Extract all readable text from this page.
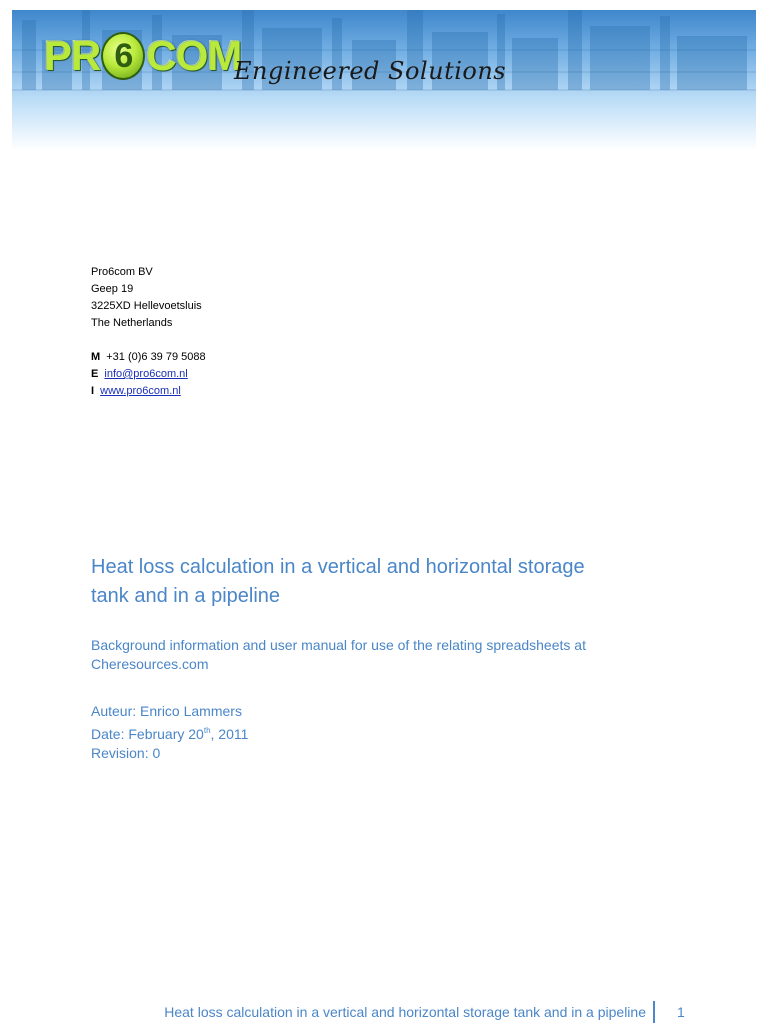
PR 6 COM
Engineered Solutions
Pro6com BV
Geep 19
3225XD Hellevoetsluis
The Netherlands
M +31 (0)6 39 79 5088
E info@pro6com.nl
I www.pro6com.nl
Heat loss calculation in a vertical and horizontal storage
tank and in a pipeline
Background information and user manual for use of the relating spreadsheets at
Cheresources.com
Auteur: Enrico Lammers
Date: February 20th, 2011
Revision: 0
Heat loss calculation in a vertical and horizontal storage tank and in a pipeline 1
